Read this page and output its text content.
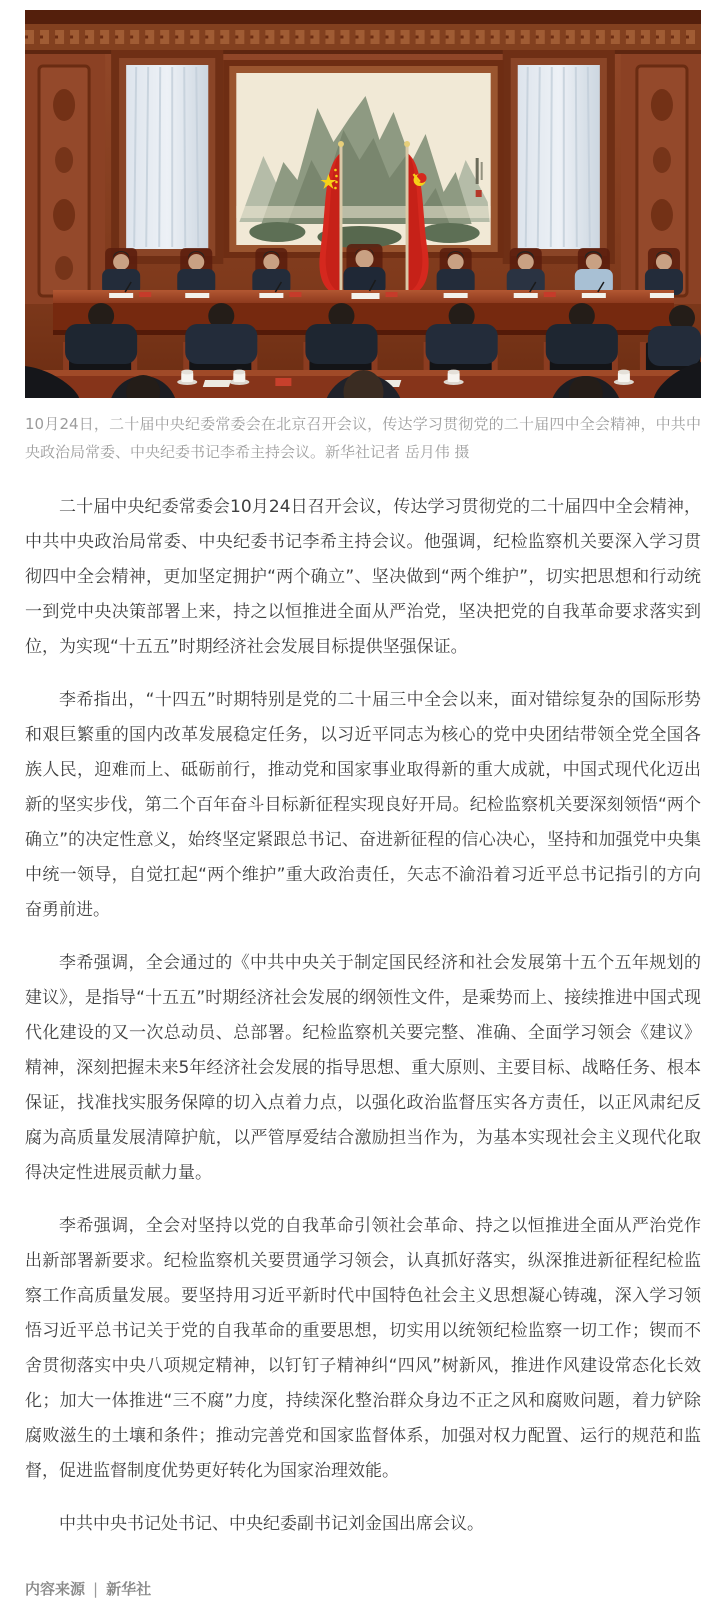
10月24日，二十届中央纪委常委会在北京召开会议，传达学习贯彻党的二十届四中全会精神，中共中央政治局常委、中央纪委书记李希主持会议。新华社记者 岳月伟 摄

二十届中央纪委常委会10月24日召开会议，传达学习贯彻党的二十届四中全会精神，中共中央政治局常委、中央纪委书记李希主持会议。他强调，纪检监察机关要深入学习贯彻四中全会精神，更加坚定拥护“两个确立”、坚决做到“两个维护”，切实把思想和行动统一到党中央决策部署上来，持之以恒推进全面从严治党，坚决把党的自我革命要求落实到位，为实现“十五五”时期经济社会发展目标提供坚强保证。

李希指出，“十四五”时期特别是党的二十届三中全会以来，面对错综复杂的国际形势和艰巨繁重的国内改革发展稳定任务，以习近平同志为核心的党中央团结带领全党全国各族人民，迎难而上、砥砺前行，推动党和国家事业取得新的重大成就，中国式现代化迈出新的坚实步伐，第二个百年奋斗目标新征程实现良好开局。纪检监察机关要深刻领悟“两个确立”的决定性意义，始终坚定紧跟总书记、奋进新征程的信心决心，坚持和加强党中央集中统一领导，自觉扛起“两个维护”重大政治责任，矢志不渝沿着习近平总书记指引的方向奋勇前进。

李希强调，全会通过的《中共中央关于制定国民经济和社会发展第十五个五年规划的建议》，是指导“十五五”时期经济社会发展的纲领性文件，是乘势而上、接续推进中国式现代化建设的又一次总动员、总部署。纪检监察机关要完整、准确、全面学习领会《建议》精神，深刻把握未来5年经济社会发展的指导思想、重大原则、主要目标、战略任务、根本保证，找准找实服务保障的切入点着力点，以强化政治监督压实各方责任，以正风肃纪反腐为高质量发展清障护航，以严管厚爱结合激励担当作为，为基本实现社会主义现代化取得决定性进展贡献力量。

李希强调，全会对坚持以党的自我革命引领社会革命、持之以恒推进全面从严治党作出新部署新要求。纪检监察机关要贯通学习领会，认真抓好落实，纵深推进新征程纪检监察工作高质量发展。要坚持用习近平新时代中国特色社会主义思想凝心铸魂，深入学习领悟习近平总书记关于党的自我革命的重要思想，切实用以统领纪检监察一切工作；锲而不舍贯彻落实中央八项规定精神，以钉钉子精神纠“四风”树新风，推进作风建设常态化长效化；加大一体推进“三不腐”力度，持续深化整治群众身边不正之风和腐败问题，着力铲除腐败滋生的土壤和条件；推动完善党和国家监督体系，加强对权力配置、运行的规范和监督，促进监督制度优势更好转化为国家治理效能。

中共中央书记处书记、中央纪委副书记刘金国出席会议。

内容来源 | 新华社
